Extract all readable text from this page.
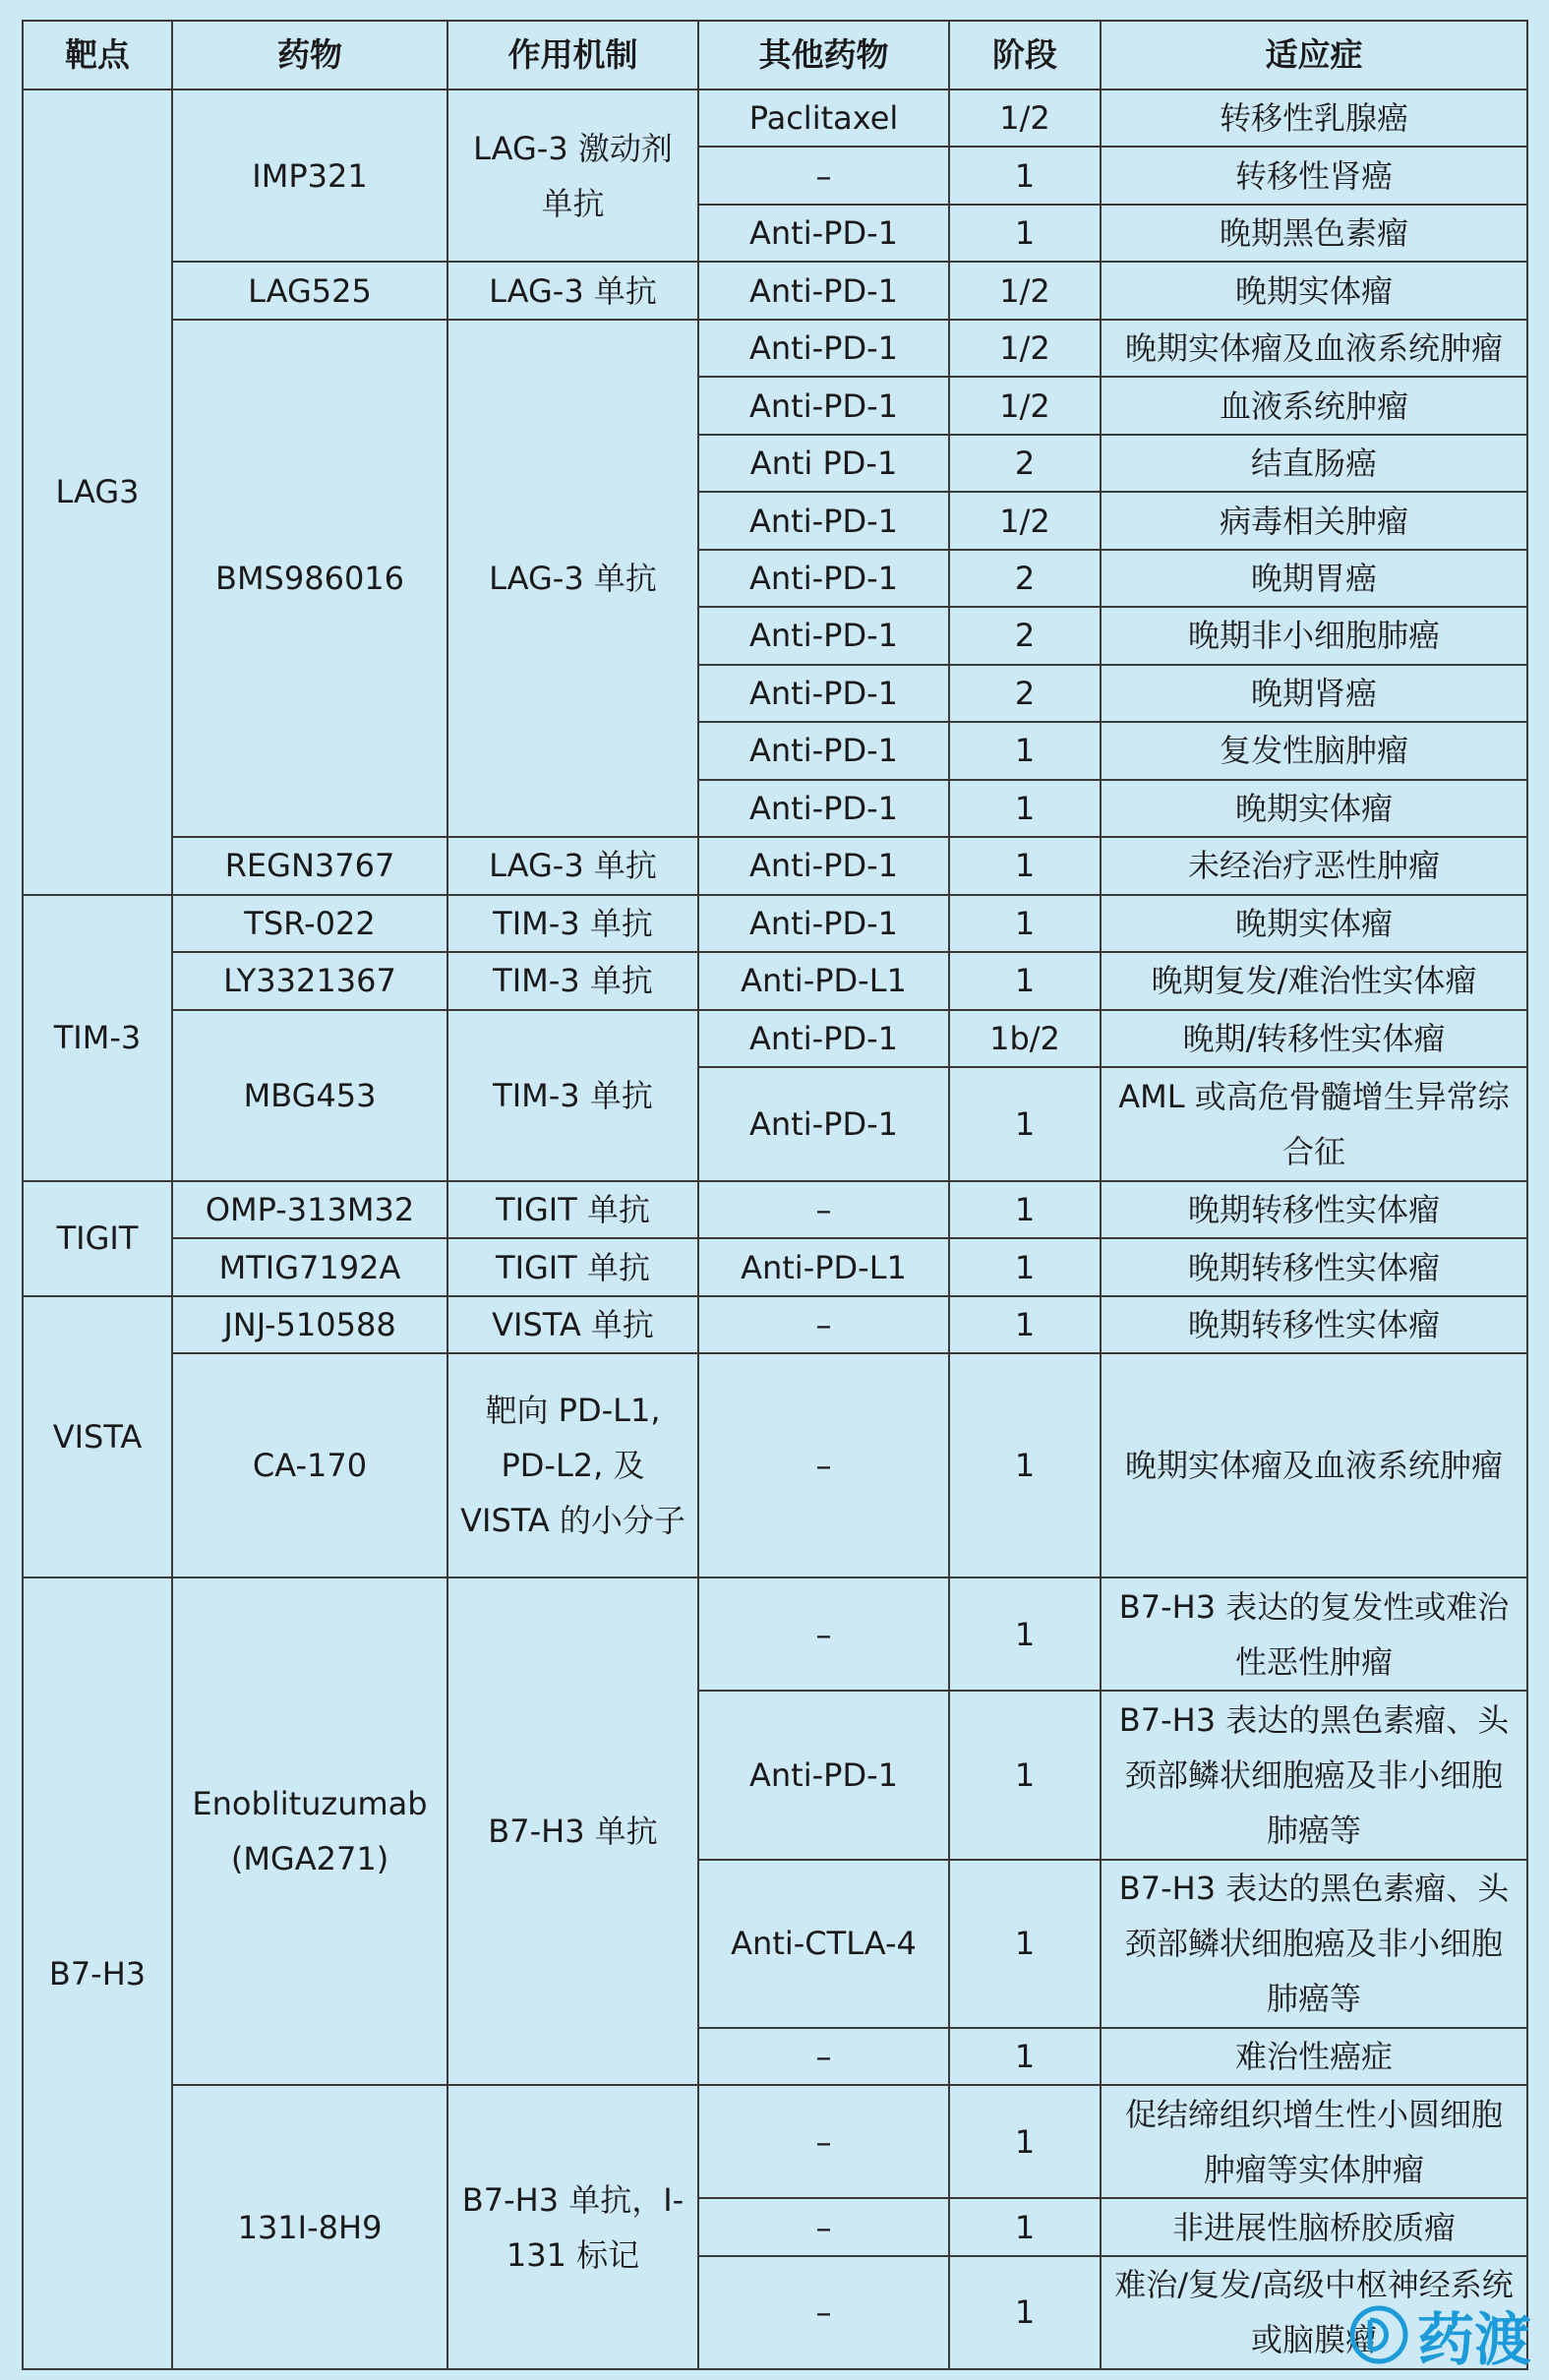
靶点	药物	作用机制	其他药物	阶段	适应症
LAG3	IMP321	LAG-3 激动剂单抗	Paclitaxel	1/2	转移性乳腺癌
			–	1	转移性肾癌
			Anti-PD-1	1	晚期黑色素瘤
	LAG525	LAG-3 单抗	Anti-PD-1	1/2	晚期实体瘤
	BMS986016	LAG-3 单抗	Anti-PD-1	1/2	晚期实体瘤及血液系统肿瘤
			Anti-PD-1	1/2	血液系统肿瘤
			Anti PD-1	2	结直肠癌
			Anti-PD-1	1/2	病毒相关肿瘤
			Anti-PD-1	2	晚期胃癌
			Anti-PD-1	2	晚期非小细胞肺癌
			Anti-PD-1	2	晚期肾癌
			Anti-PD-1	1	复发性脑肿瘤
			Anti-PD-1	1	晚期实体瘤
	REGN3767	LAG-3 单抗	Anti-PD-1	1	未经治疗恶性肿瘤
TIM-3	TSR-022	TIM-3 单抗	Anti-PD-1	1	晚期实体瘤
	LY3321367	TIM-3 单抗	Anti-PD-L1	1	晚期复发/难治性实体瘤
	MBG453	TIM-3 单抗	Anti-PD-1	1b/2	晚期/转移性实体瘤
			Anti-PD-1	1	AML 或高危骨髓增生异常综合征
TIGIT	OMP-313M32	TIGIT 单抗	–	1	晚期转移性实体瘤
	MTIG7192A	TIGIT 单抗	Anti-PD-L1	1	晚期转移性实体瘤
VISTA	JNJ-510588	VISTA 单抗	–	1	晚期转移性实体瘤
	CA-170	靶向 PD-L1, PD-L2, 及 VISTA 的小分子	–	1	晚期实体瘤及血液系统肿瘤
B7-H3	Enoblituzumab (MGA271)	B7-H3 单抗	–	1	B7-H3 表达的复发性或难治性恶性肿瘤
			Anti-PD-1	1	B7-H3 表达的黑色素瘤、头颈部鳞状细胞癌及非小细胞肺癌等
			Anti-CTLA-4	1	B7-H3 表达的黑色素瘤、头颈部鳞状细胞癌及非小细胞肺癌等
			–	1	难治性癌症
	131I-8H9	B7-H3 单抗，I-131 标记	–	1	促结缔组织增生性小圆细胞肿瘤等实体肿瘤
			–	1	非进展性脑桥胶质瘤
			–	1	难治/复发/高级中枢神经系统或脑膜瘤 药渡
